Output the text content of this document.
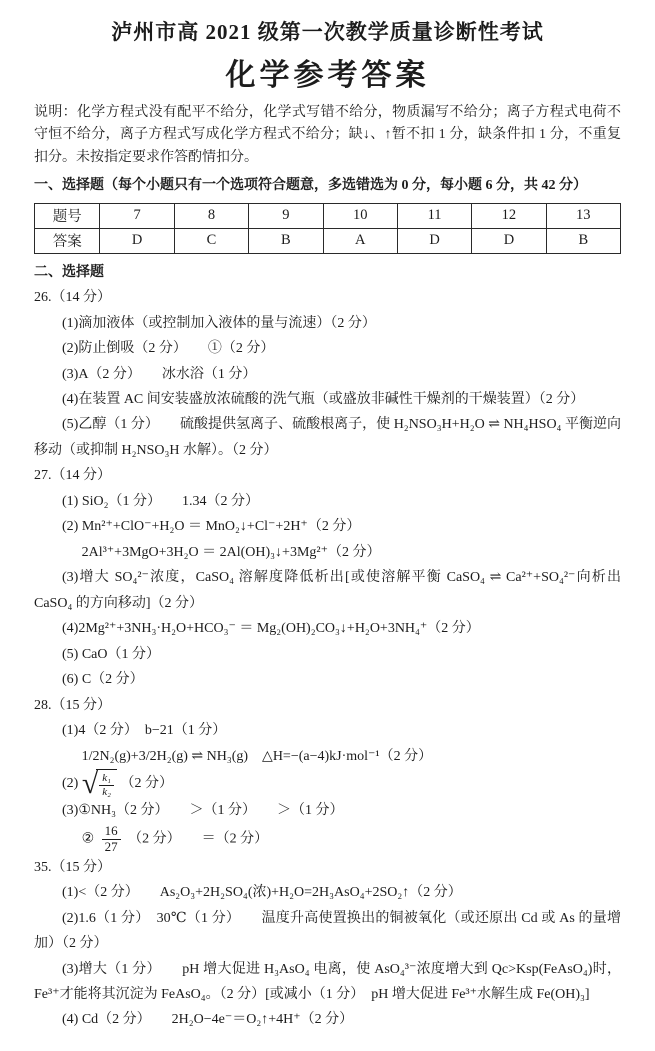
泸州市高 2021 级第一次教学质量诊断性考试
化学参考答案

说明：化学方程式没有配平不给分，化学式写错不给分，物质漏写不给分；离子方程式电荷不守恒不给分，离子方程式写成化学方程式不给分；缺↓、↑暂不扣 1 分，缺条件扣 1 分，不重复扣分。未按指定要求作答酌情扣分。

一、选择题（每个小题只有一个选项符合题意，多选错选为 0 分，每小题 6 分，共 42 分）

题号	7	8	9	10	11	12	13
答案	D	C	B	A	D	D	B

二、选择题

26.（14 分）

(1)滴加液体（或控制加入液体的量与流速）（2 分）

(2)防止倒吸（2 分）　　①（2 分）

(3)A（2 分）　　冰水浴（1 分）

(4)在装置 AC 间安装盛放浓硫酸的洗气瓶（或盛放非碱性干燥剂的干燥装置）（2 分）

(5)乙醇（1 分）　　硫酸提供氢离子、硫酸根离子，使 H₂NSO₃H+H₂O ⇌ NH₄HSO₄ 平衡逆向移动（或抑制 H₂NSO₃H 水解）。（2 分）

27.（14 分）

(1) SiO₂（1 分）　　1.34（2 分）

(2) Mn²⁺+ClO⁻+H₂O ＝ MnO₂↓+Cl⁻+2H⁺（2 分）

2Al³⁺+3MgO+3H₂O ＝ 2Al(OH)₃↓+3Mg²⁺（2 分）

(3)增大 SO₄²⁻浓度，CaSO₄ 溶解度降低析出[或使溶解平衡 CaSO₄ ⇌ Ca²⁺+SO₄²⁻向析出 CaSO₄ 的方向移动]（2 分）

(4)2Mg²⁺+3NH₃·H₂O+HCO₃⁻ ＝ Mg₂(OH)₂CO₃↓+H₂O+3NH₄⁺（2 分）

(5) CaO（1 分）

(6) C（2 分）

28.（15 分）

(1)4（2 分）　b−21（1 分）

1/2N₂(g)+3/2H₂(g) ⇌ NH₃(g)　△H=−(a−4)kJ·mol⁻¹（2 分）

(2) √ $\frac{\text{k₁}}{\text{k₂}} (2$ 分）

(3)①NH₃（2 分）　　＞（1 分）　　＞（1 分）

② $\frac{16}{27} (2$ 分）　　＝（2 分）

35.（15 分）

(1)<（2 分）　　As₂O₃+2H₂SO₄(浓)+H₂O=2H₃AsO₄+2SO₂↑（2 分）

(2)1.6（1 分）　30℃（1 分）　　温度升高使置换出的铜被氧化（或还原出 Cd 或 As 的量增加）（2 分）

(3)增大（1 分）　　pH 增大促进 H₃AsO₄ 电离，使 AsO₄³⁻浓度增大到 Qc>Ksp(FeAsO₄)时，Fe³⁺才能将其沉淀为 FeAsO₄。（2 分）[或减小（1 分）　pH 增大促进 Fe³⁺水解生成 Fe(OH)₃]

(4) Cd（2 分）　　2H₂O−4e⁻＝O₂↑+4H⁺（2 分）
